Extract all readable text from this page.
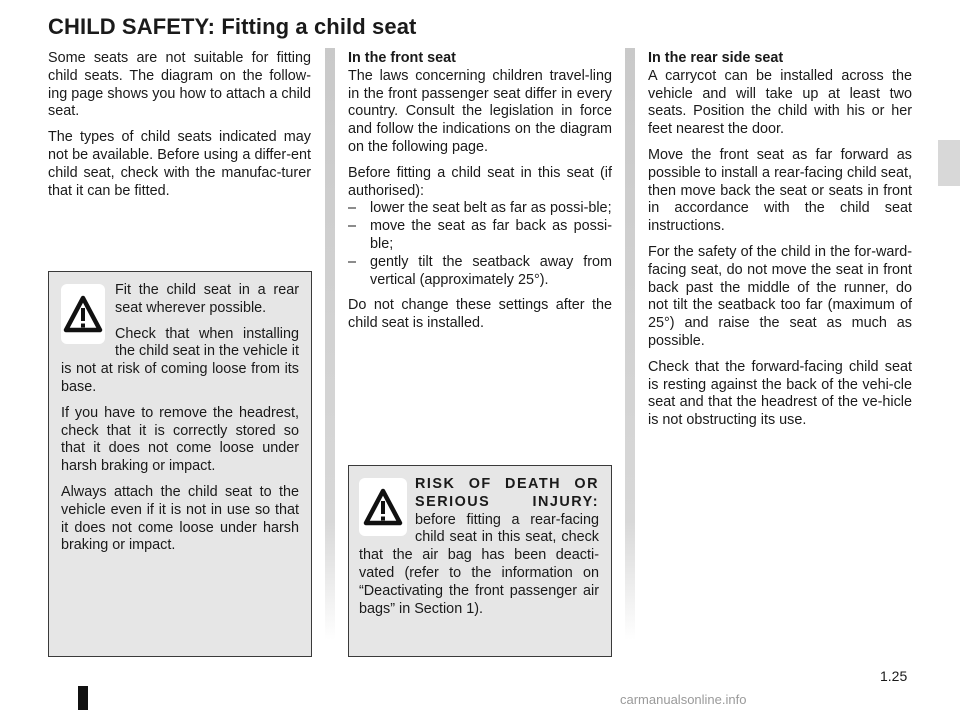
CHILD SAFETY: Fitting a child seat

Some seats are not suitable for fitting child seats. The diagram on the follow-ing page shows you how to attach a child seat.

The types of child seats indicated may not be available. Before using a differ-ent child seat, check with the manufac-turer that it can be fitted.

Fit the child seat in a rear seat wherever possible.

Check that when installing the child seat in the vehicle it is not at risk of coming loose from its base.

If you have to remove the headrest, check that it is correctly stored so that it does not come loose under harsh braking or impact.

Always attach the child seat to the vehicle even if it is not in use so that it does not come loose under harsh braking or impact.

In the front seat
The laws concerning children travel-ling in the front passenger seat differ in every country. Consult the legislation in force and follow the indications on the diagram on the following page.

Before fitting a child seat in this seat (if authorised):

– lower the seat belt as far as possi-ble;
– move the seat as far back as possi-ble;
– gently tilt the seatback away from vertical (approximately 25°).

Do not change these settings after the child seat is installed.

RISK OF DEATH OR SERIOUS INJURY: before fitting a rear-facing child seat in this seat, check that the air bag has been deacti-vated (refer to the information on “Deactivating the front passenger air bags” in Section 1).

In the rear side seat
A carrycot can be installed across the vehicle and will take up at least two seats. Position the child with his or her feet nearest the door.

Move the front seat as far forward as possible to install a rear-facing child seat, then move back the seat or seats in front in accordance with the child seat instructions.

For the safety of the child in the for-ward-facing seat, do not move the seat in front back past the middle of the runner, do not tilt the seatback too far (maximum of 25°) and raise the seat as much as possible.

Check that the forward-facing child seat is resting against the back of the vehi-cle seat and that the headrest of the ve-hicle is not obstructing its use.

1.25
carmanualsonline.info
